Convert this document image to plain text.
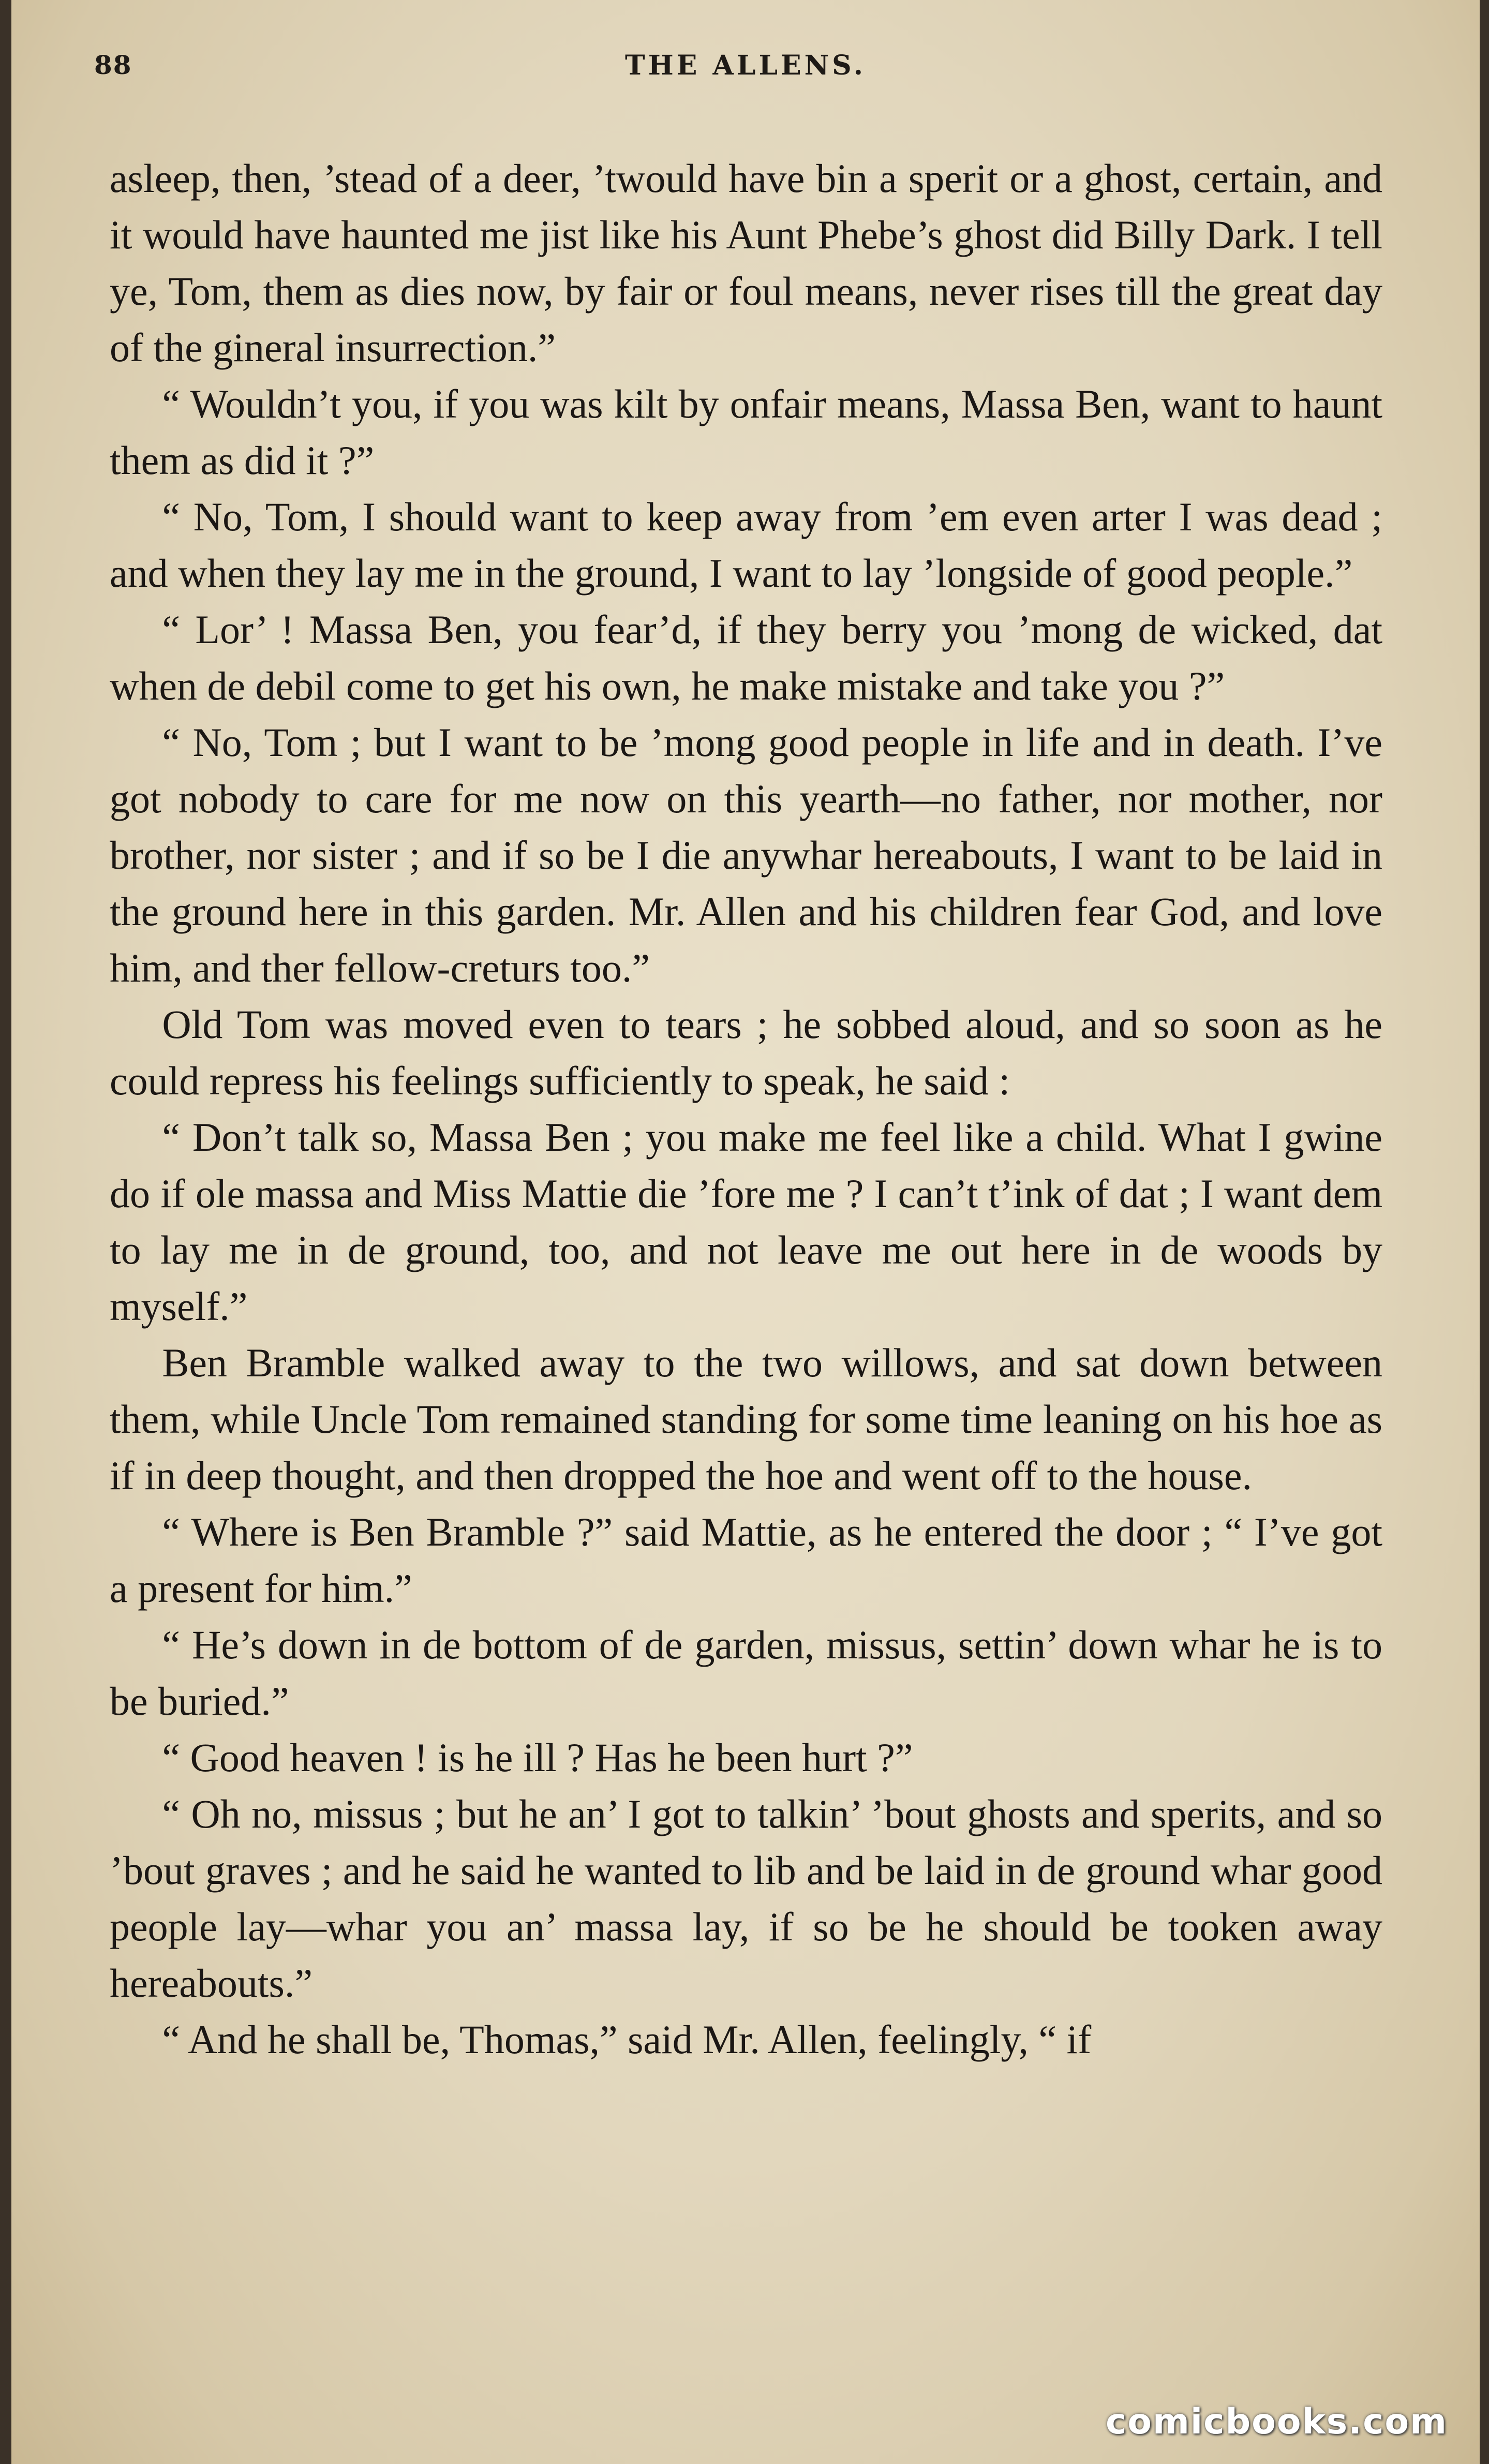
88	THE ALLENS.

asleep, then, ’stead of a deer, ’twould have bin a sperit or a ghost, certain, and it would have haunted me jist like his Aunt Phebe’s ghost did Billy Dark. I tell ye, Tom, them as dies now, by fair or foul means, never rises till the great day of the gineral insurrection.”

“ Wouldn’t you, if you was kilt by onfair means, Massa Ben, want to haunt them as did it ?”

“ No, Tom, I should want to keep away from ’em even arter I was dead ; and when they lay me in the ground, I want to lay ’longside of good people.”

“ Lor’ ! Massa Ben, you fear’d, if they berry you ’mong de wicked, dat when de debil come to get his own, he make mistake and take you ?”

“ No, Tom ; but I want to be ’mong good people in life and in death. I’ve got nobody to care for me now on this yearth—no father, nor mother, nor brother, nor sister ; and if so be I die anywhar hereabouts, I want to be laid in the ground here in this garden. Mr. Allen and his children fear God, and love him, and ther fellow-creturs too.”

Old Tom was moved even to tears ; he sobbed aloud, and so soon as he could repress his feelings sufficiently to speak, he said :

“ Don’t talk so, Massa Ben ; you make me feel like a child. What I gwine do if ole massa and Miss Mattie die ’fore me ? I can’t t’ink of dat ; I want dem to lay me in de ground, too, and not leave me out here in de woods by myself.”

Ben Bramble walked away to the two willows, and sat down between them, while Uncle Tom remained standing for some time leaning on his hoe as if in deep thought, and then dropped the hoe and went off to the house.

“ Where is Ben Bramble ?” said Mattie, as he entered the door ; “ I’ve got a present for him.”

“ He’s down in de bottom of de garden, missus, settin’ down whar he is to be buried.”

“ Good heaven ! is he ill ? Has he been hurt ?”

“ Oh no, missus ; but he an’ I got to talkin’ ’bout ghosts and sperits, and so ’bout graves ; and he said he wanted to lib and be laid in de ground whar good people lay—whar you an’ massa lay, if so be he should be tooken away hereabouts.”

“ And he shall be, Thomas,” said Mr. Allen, feelingly, “ if

comicbooks.com
